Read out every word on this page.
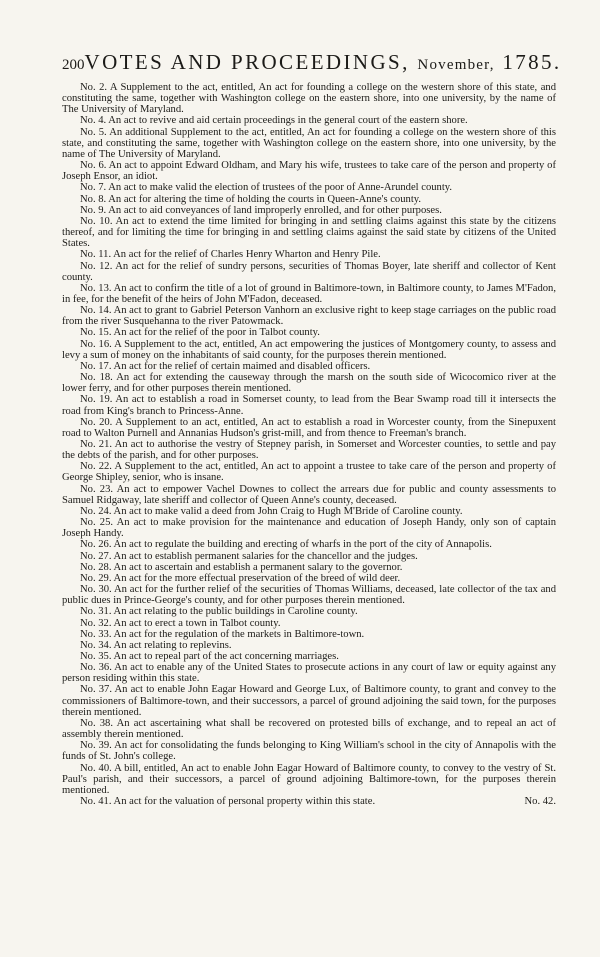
200 VOTES AND PROCEEDINGS, November, 1785.

No. 2. A Supplement to the act, entitled, An act for founding a college on the western shore of this state, and constituting the same, together with Washington college on the eastern shore, into one university, by the name of The University of Maryland.

No. 4. An act to revive and aid certain proceedings in the general court of the eastern shore.

No. 5. An additional Supplement to the act, entitled, An act for founding a college on the western shore of this state, and constituting the same, together with Washington college on the eastern shore, into one university, by the name of The University of Maryland.

No. 6. An act to appoint Edward Oldham, and Mary his wife, trustees to take care of the person and property of Joseph Ensor, an idiot.

No. 7. An act to make valid the election of trustees of the poor of Anne-Arundel county.

No. 8. An act for altering the time of holding the courts in Queen-Anne's county.

No. 9. An act to aid conveyances of land improperly enrolled, and for other purposes.

No. 10. An act to extend the time limited for bringing in and settling claims against this state by the citizens thereof, and for limiting the time for bringing in and settling claims against the said state by citizens of the United States.

No. 11. An act for the relief of Charles Henry Wharton and Henry Pile.

No. 12. An act for the relief of sundry persons, securities of Thomas Boyer, late sheriff and collector of Kent county.

No. 13. An act to confirm the title of a lot of ground in Baltimore-town, in Baltimore county, to James M'Fadon, in fee, for the benefit of the heirs of John M'Fadon, deceased.

No. 14. An act to grant to Gabriel Peterson Vanhorn an exclusive right to keep stage carriages on the public road from the river Susquehanna to the river Patowmack.

No. 15. An act for the relief of the poor in Talbot county.

No. 16. A Supplement to the act, entitled, An act empowering the justices of Montgomery county, to assess and levy a sum of money on the inhabitants of said county, for the purposes therein mentioned.

No. 17. An act for the relief of certain maimed and disabled officers.

No. 18. An act for extending the causeway through the marsh on the south side of Wicocomico river at the lower ferry, and for other purposes therein mentioned.

No. 19. An act to establish a road in Somerset county, to lead from the Bear Swamp road till it intersects the road from King's branch to Princess-Anne.

No. 20. A Supplement to an act, entitled, An act to establish a road in Worcester county, from the Sinepuxent road to Walton Purnell and Annanias Hudson's grist-mill, and from thence to Freeman's branch.

No. 21. An act to authorise the vestry of Stepney parish, in Somerset and Worcester counties, to settle and pay the debts of the parish, and for other purposes.

No. 22. A Supplement to the act, entitled, An act to appoint a trustee to take care of the person and property of George Shipley, senior, who is insane.

No. 23. An act to empower Vachel Downes to collect the arrears due for public and county assessments to Samuel Ridgaway, late sheriff and collector of Queen Anne's county, deceased.

No. 24. An act to make valid a deed from John Craig to Hugh M'Bride of Caroline county.

No. 25. An act to make provision for the maintenance and education of Joseph Handy, only son of captain Joseph Handy.

No. 26. An act to regulate the building and erecting of wharfs in the port of the city of Annapolis.

No. 27. An act to establish permanent salaries for the chancellor and the judges.

No. 28. An act to ascertain and establish a permanent salary to the governor.

No. 29. An act for the more effectual preservation of the breed of wild deer.

No. 30. An act for the further relief of the securities of Thomas Williams, deceased, late collector of the tax and public dues in Prince-George's county, and for other purposes therein mentioned.

No. 31. An act relating to the public buildings in Caroline county.

No. 32. An act to erect a town in Talbot county.

No. 33. An act for the regulation of the markets in Baltimore-town.

No. 34. An act relating to replevins.

No. 35. An act to repeal part of the act concerning marriages.

No. 36. An act to enable any of the United States to prosecute actions in any court of law or equity against any person residing within this state.

No. 37. An act to enable John Eagar Howard and George Lux, of Baltimore county, to grant and convey to the commissioners of Baltimore-town, and their successors, a parcel of ground adjoining the said town, for the purposes therein mentioned.

No. 38. An act ascertaining what shall be recovered on protested bills of exchange, and to repeal an act of assembly therein mentioned.

No. 39. An act for consolidating the funds belonging to King William's school in the city of Annapolis with the funds of St. John's college.

No. 40. A bill, entitled, An act to enable John Eagar Howard of Baltimore county, to convey to the vestry of St. Paul's parish, and their successors, a parcel of ground adjoining Baltimore-town, for the purposes therein mentioned.

No. 41. An act for the valuation of personal property within this state.	No. 42.
